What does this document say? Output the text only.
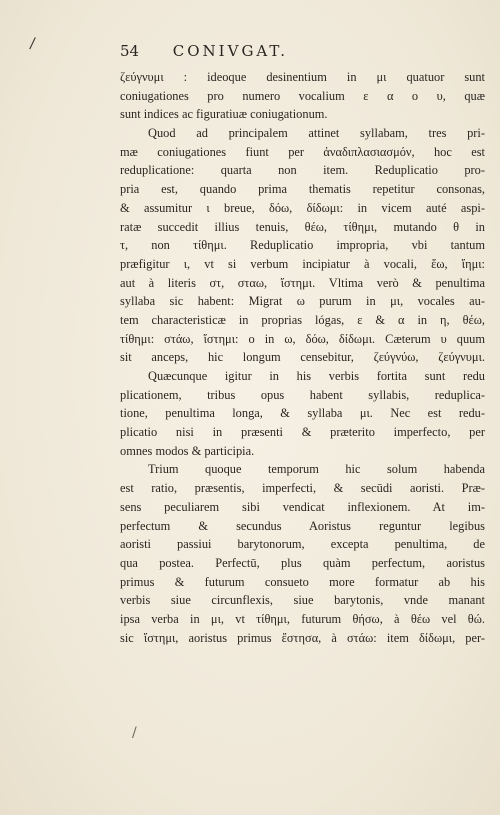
/	54 CONIVGAT.
ζεύγνυμι : ideoque desinentium in μι quatuor sunt
coniugationes pro numero vocalium ε α ο υ, quæ
sunt indices ac figuratiuæ coniugationum.
Quod ad principalem attinet syllabam, tres pri-
mæ coniugationes fiunt per ἀναδιπλασιασμόν, hoc est
reduplicatione: quarta non item. Reduplicatio pro-
pria est, quando prima thematis repetitur consonas,
& assumitur ι breue, δόω, δίδωμι: in vicem auté aspi-
ratæ succedit illius tenuis, θέω, τίθημι, mutando θ in
τ, non τίθημι. Reduplicatio impropria, vbi tantum
præfigitur ι, vt si verbum incipiatur à vocali, ἕω, ἵημι:
aut à literis στ, σταω, ἵστημι. Vltima verò & penultima
syllaba sic habent: Migrat ω purum in μι, vocales au-
tem characteristicæ in proprias lógas, ε & α in η, θέω,
τίθημι: στάω, ἵστημι: ο in ω, δόω, δίδωμι. Cæterum υ quum
sit anceps, hic longum censebitur, ζεύγνύω, ζεύγνυμι.
Quæcunque igitur in his verbis fortita sunt redu
plicationem, tribus opus habent syllabis, reduplica-
tione, penultima longa, & syllaba μι. Nec est redu-
plicatio nisi in præsenti & præterito imperfecto, per
omnes modos & participia.
Trium quoque temporum hic solum habenda
est ratio, præsentis, imperfecti, & secūdi aoristi. Præ-
sens peculiarem sibi vendicat inflexionem. At im-
perfectum & secundus Aoristus reguntur legibus
aoristi passiui barytonorum, excepta penultima, de
qua postea. Perfectū, plus quàm perfectum, aoristus
primus & futurum consueto more formatur ab his
verbis siue circunflexis, siue barytonis, vnde manant
ipsa verba in μι, vt τίθημι, futurum θήσω, à θέω vel θώ.
sic ἵστημι, aoristus primus ἔστησα, à στάω: item δίδωμι, per-
/
